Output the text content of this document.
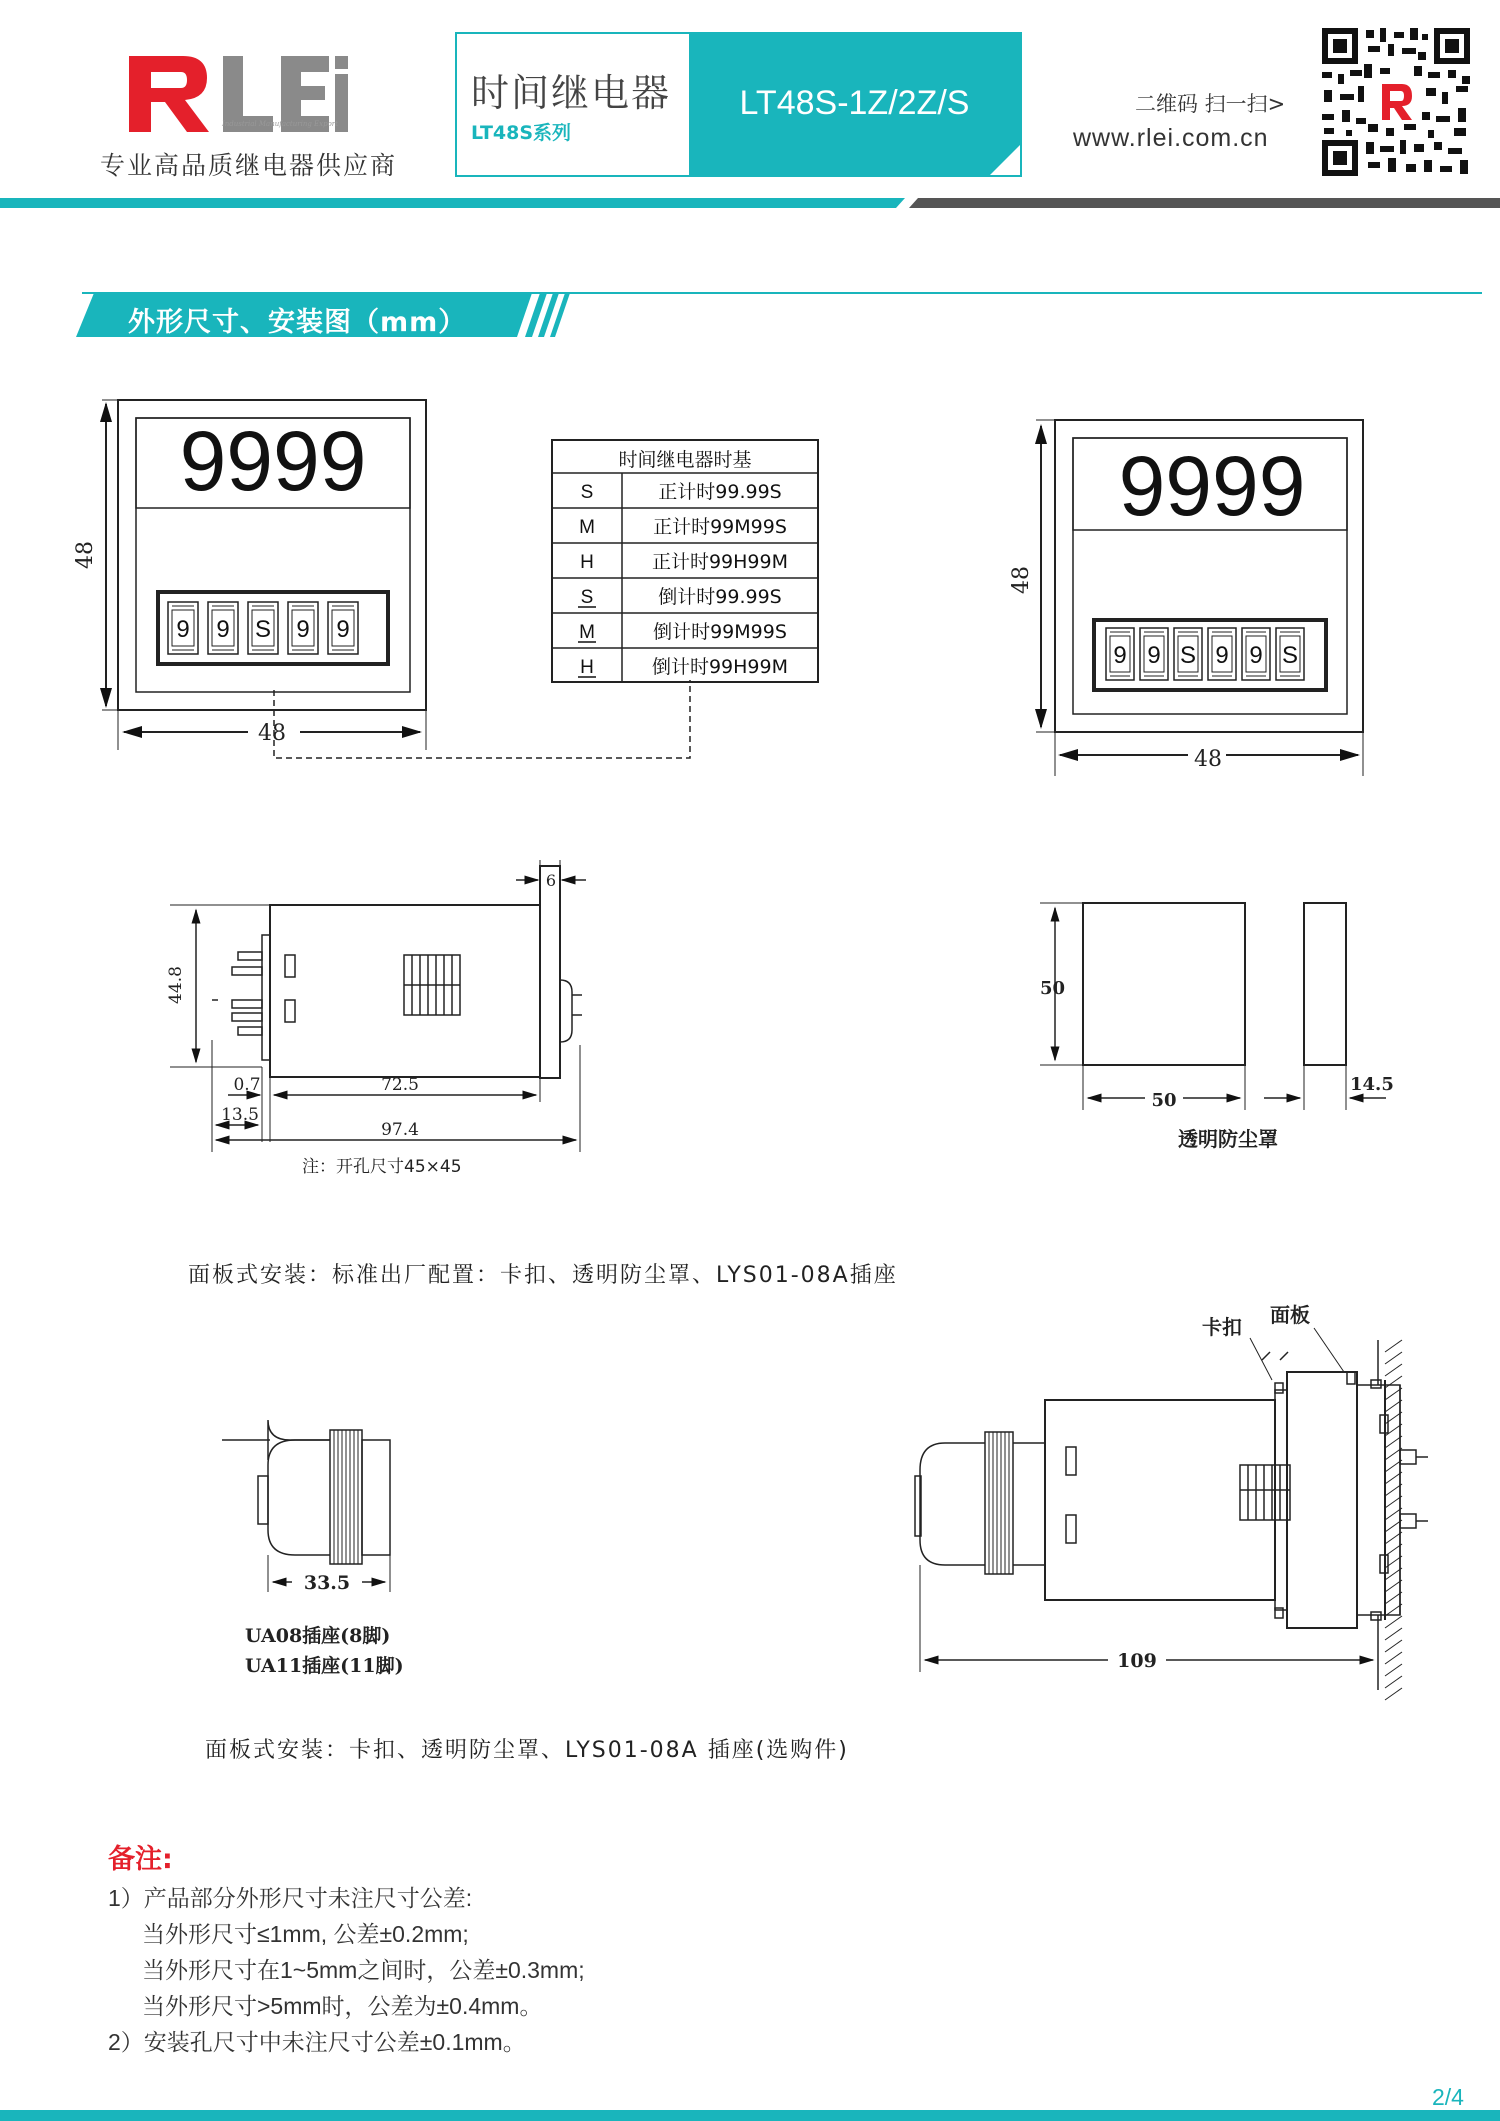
Industrial Manufacturing Export
专业高品质继电器供应商
时间继电器
LT48S系列
LT48S-1Z/2Z/S	二维码 扫一扫>
www.rlei.com.cn
外形尺寸、安装图（mm）
9999
9 9 S 9 9
48
48
时间继电器时基
S	正计时99.99S
M	正计时99M99S
H	正计时99H99M
S	倒计时99.99S
M	倒计时99M99S
H	倒计时99H99M
9999
9 9 S 9 9 S
48
48
6
44.8
0.7	72.5
13.5
97.4
注：开孔尺寸45×45
50
50
14.5
透明防尘罩
33.5
UA08插座(8脚)
UA11插座(11脚)
卡扣 面板
109
面板式安装：标准出厂配置：卡扣、透明防尘罩、LYS01-08A插座
面板式安装：卡扣、透明防尘罩、LYS01-08A 插座(选购件)
备注:
1）产品部分外形尺寸未注尺寸公差:
当外形尺寸≤1mm, 公差±0.2mm;
当外形尺寸在1~5mm之间时，公差±0.3mm;
当外形尺寸>5mm时，公差为±0.4mm。
2）安装孔尺寸中未注尺寸公差±0.1mm。
2/4
